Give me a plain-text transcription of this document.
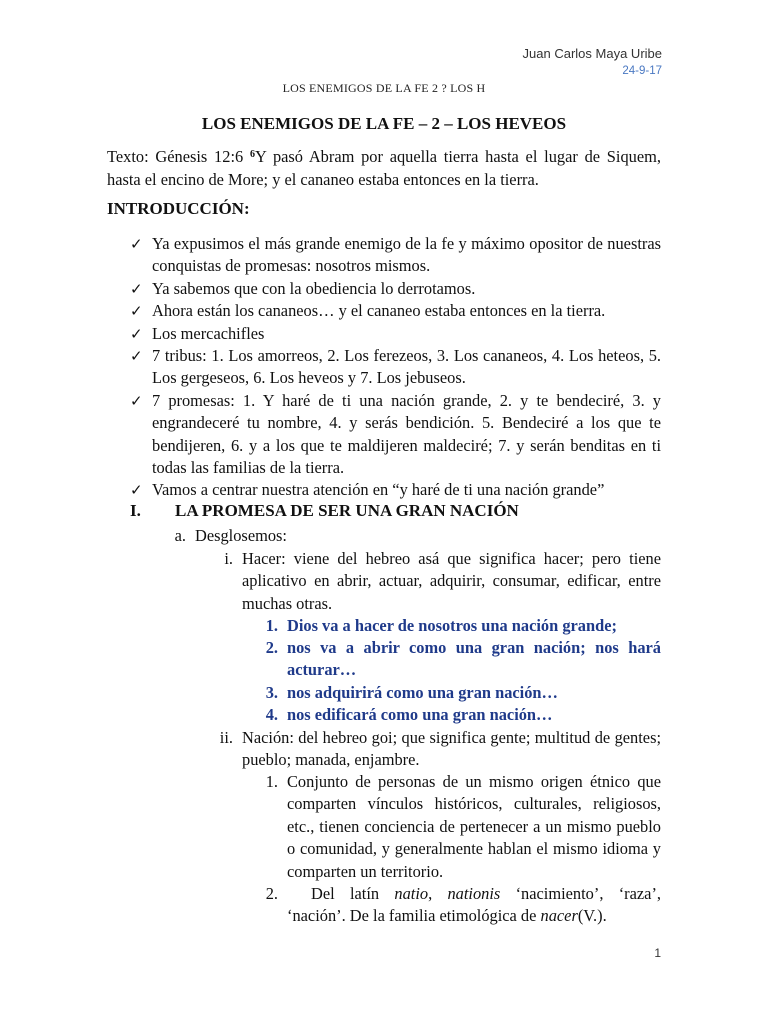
Juan Carlos Maya Uribe
24-9-17
LOS ENEMIGOS DE LA FE 2 ? LOS H
LOS ENEMIGOS DE LA FE – 2 – LOS HEVEOS
Texto: Génesis 12:6 $^6$Y pasó Abram por aquella tierra hasta el lugar de Siquem, hasta el encino de More; y el cananeo estaba entonces en la tierra.
INTRODUCCIÓN:
✓ Ya expusimos el más grande enemigo de la fe y máximo opositor de nuestras conquistas de promesas: nosotros mismos.
✓ Ya sabemos que con la obediencia lo derrotamos.
✓ Ahora están los cananeos… y el cananeo estaba entonces en la tierra.
✓ Los mercachifles
✓ 7 tribus: 1. Los amorreos, 2. Los ferezeos, 3. Los cananeos, 4. Los heteos, 5. Los gergeseos, 6. Los heveos y 7. Los jebuseos.
✓ 7 promesas: 1. Y haré de ti una nación grande, 2. y te bendeciré, 3. y engrandeceré tu nombre, 4. y serás bendición. 5. Bendeciré a los que te bendijeren, 6. y a los que te maldijeren maldeciré; 7. y serán benditas en ti todas las familias de la tierra.
✓ Vamos a centrar nuestra atención en “y haré de ti una nación grande”
I. LA PROMESA DE SER UNA GRAN NACIÓN
a. Desglosemos:
i. Hacer: viene del hebreo asá que significa hacer; pero tiene aplicativo en abrir, actuar, adquirir, consumar, edificar, entre muchas otras.
1. Dios va a hacer de nosotros una nación grande;
2. nos va a abrir como una gran nación; nos hará acturar…
3. nos adquirirá como una gran nación…
4. nos edificará como una gran nación…
ii. Nación: del hebreo goi; que significa gente; multitud de gentes; pueblo; manada, enjambre.
1. Conjunto de personas de un mismo origen étnico que comparten vínculos históricos, culturales, religiosos, etc., tienen conciencia de pertenecer a un mismo pueblo o comunidad, y generalmente hablan el mismo idioma y comparten un territorio.
2.	Del latín natio, nationis ‘nacimiento’, ‘raza’, ‘nación’. De la familia etimológica de nacer(V.).
1
